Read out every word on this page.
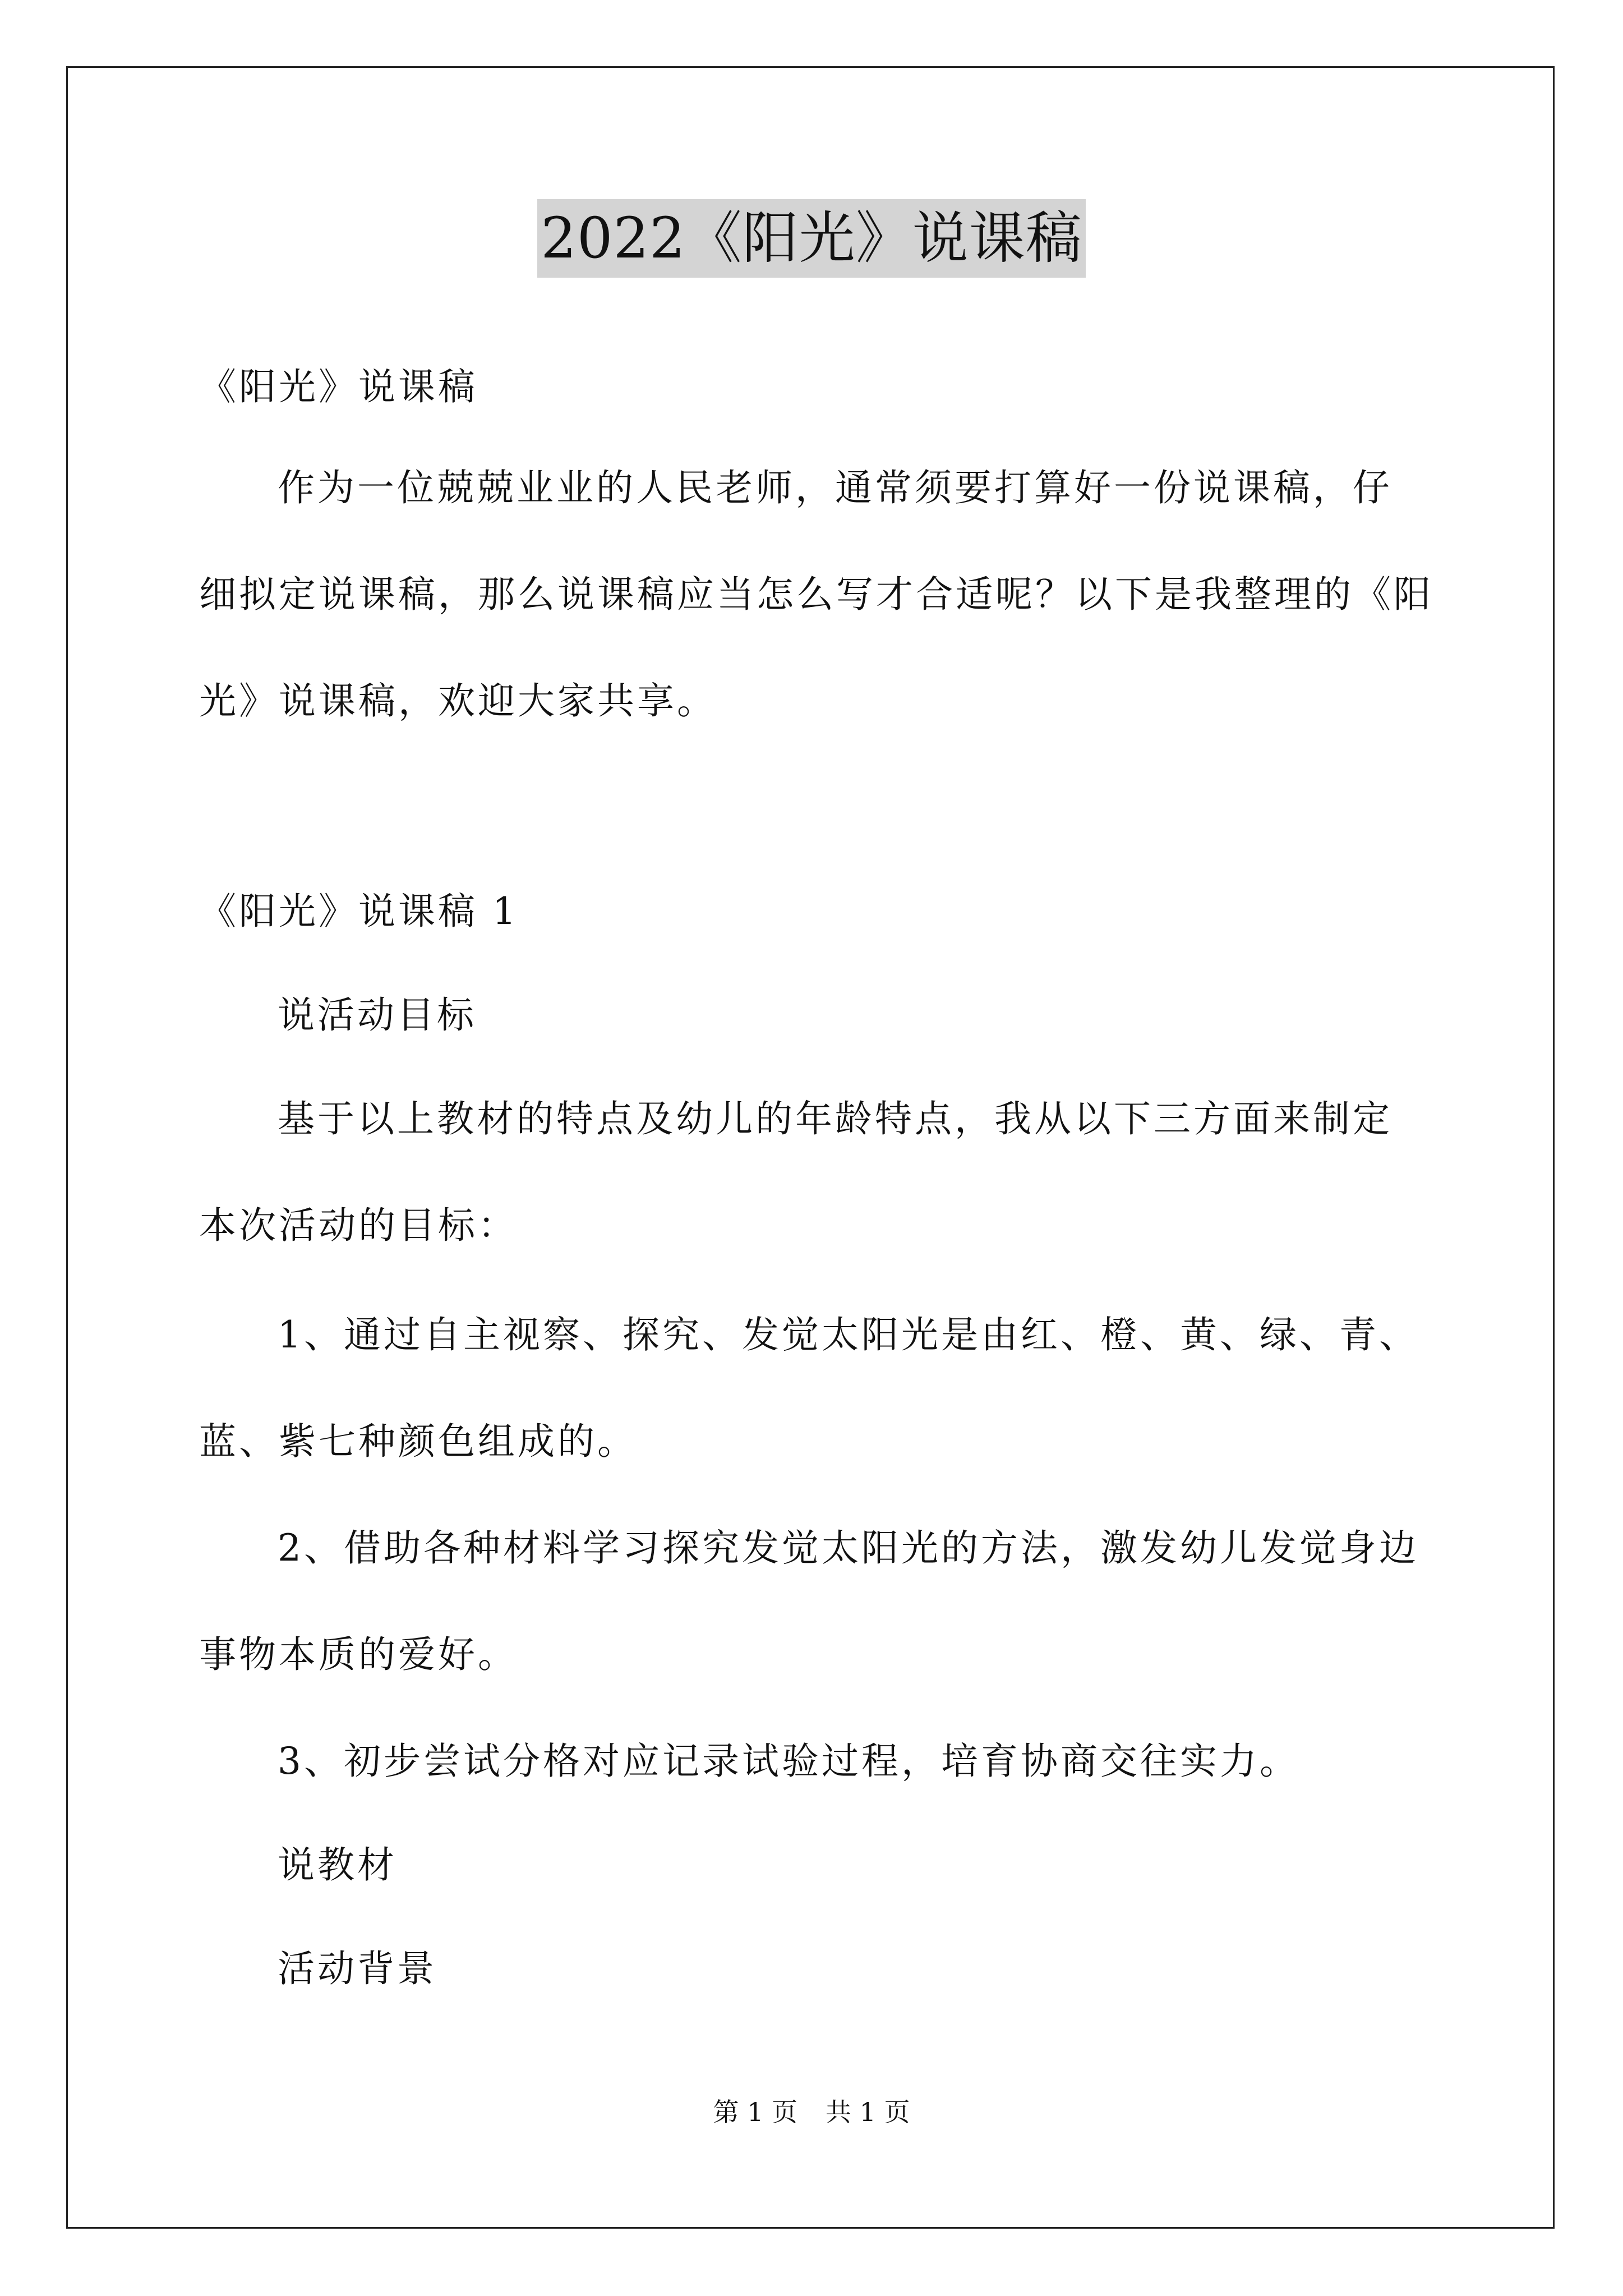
2022《阳光》说课稿
《阳光》说课稿
作为一位兢兢业业的人民老师，通常须要打算好一份说课稿，仔
细拟定说课稿，那么说课稿应当怎么写才合适呢？以下是我整理的《阳
光》说课稿，欢迎大家共享。
《阳光》说课稿 1
说活动目标
基于以上教材的特点及幼儿的年龄特点，我从以下三方面来制定
本次活动的目标：
1、通过自主视察、探究、发觉太阳光是由红、橙、黄、绿、青、
蓝、紫七种颜色组成的。
2、借助各种材料学习探究发觉太阳光的方法，激发幼儿发觉身边
事物本质的爱好。
3、初步尝试分格对应记录试验过程，培育协商交往实力。
说教材
活动背景
第 1 页 共 1 页
